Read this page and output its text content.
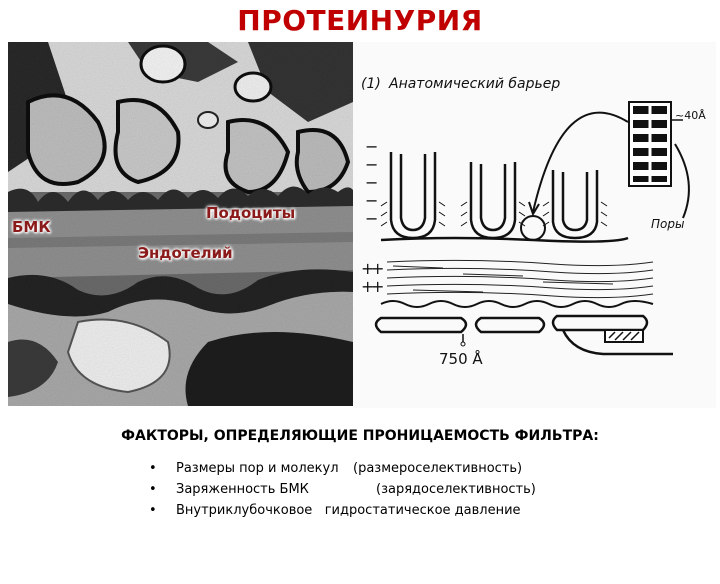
ПРОТЕИНУРИЯ
Подоциты
БМК
Эндотелий
(1) Анатомический барьер
~40Å
Поры
−
−
−
−
−
+
+
+
+
750 Å
ФАКТОРЫ, ОПРЕДЕЛЯЮЩИЕ ПРОНИЦАЕМОСТЬ ФИЛЬТРА:

•

Размеры пор и молекул

(размероселективность)

•

Заряженность БМК

	(зарядоселективность)

•

Внутриклубочковое   гидростатическое давление
